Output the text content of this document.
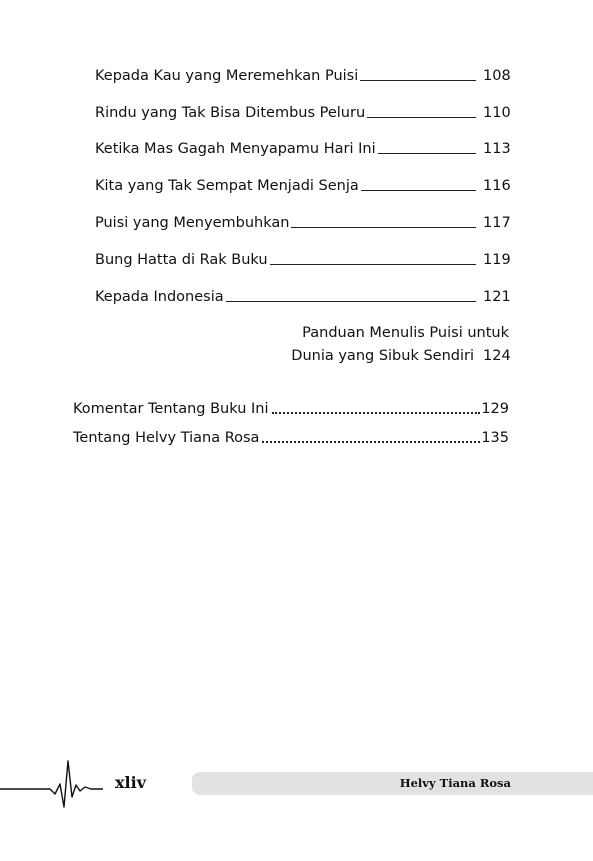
Kepada Kau yang Meremehkan Puisi	108
Rindu yang Tak Bisa Ditembus Peluru	110
Ketika Mas Gagah Menyapamu Hari Ini	113
Kita yang Tak Sempat Menjadi Senja	116
Puisi yang Menyembuhkan	117
Bung Hatta di Rak Buku	119
Kepada Indonesia	121
Panduan Menulis Puisi untuk
Dunia yang Sibuk Sendiri 124
Komentar Tentang Buku Ini	129
Tentang Helvy Tiana Rosa	135
xliv	Helvy Tiana Rosa
